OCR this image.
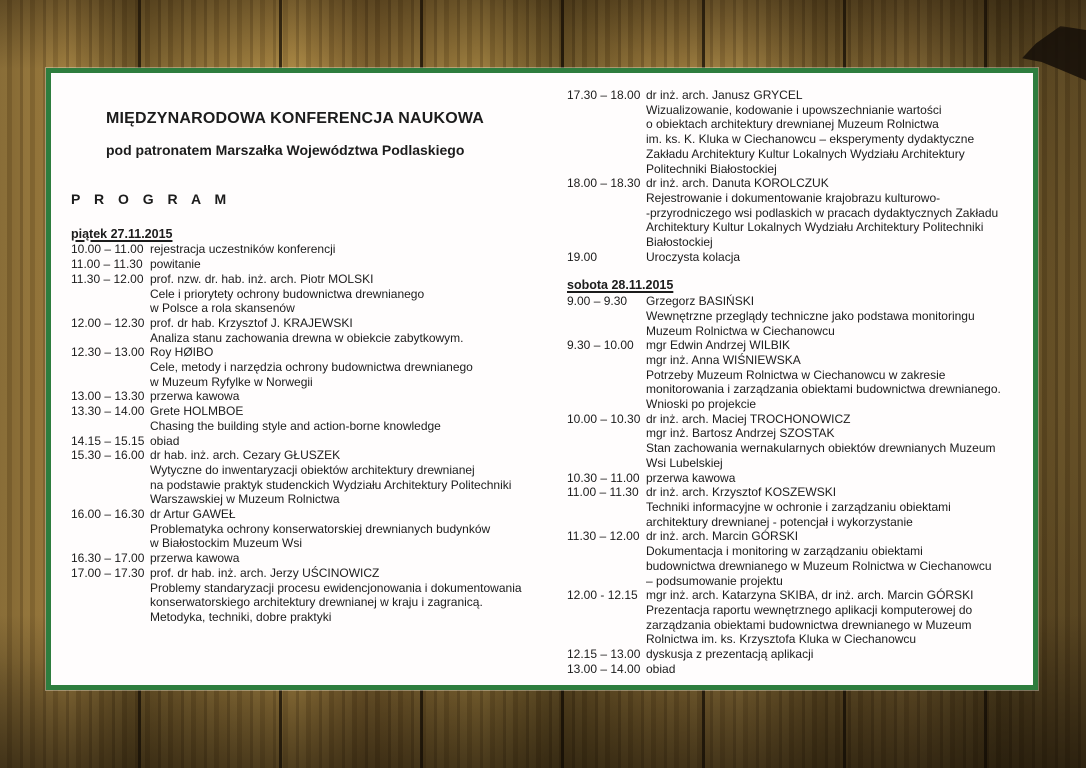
MIĘDZYNARODOWA KONFERENCJA NAUKOWA
pod patronatem Marszałka Województwa Podlaskiego
P R O G R A M
piątek 27.11.2015
10.00 – 11.00 rejestracja uczestników konferencji
11.00 – 11.30 powitanie
11.30 – 12.00 prof. nzw. dr. hab. inż. arch. Piotr MOLSKI
Cele i priorytety ochrony budownictwa drewnianego
w Polsce a rola skansenów
12.00 – 12.30 prof. dr hab. Krzysztof J. KRAJEWSKI
Analiza stanu zachowania drewna w obiekcie zabytkowym.
12.30 – 13.00 Roy HØIBO
Cele, metody i narzędzia ochrony budownictwa drewnianego
w Muzeum Ryfylke w Norwegii
13.00 – 13.30 przerwa kawowa
13.30 – 14.00 Grete HOLMBOE
Chasing the building style and action-borne knowledge
14.15 – 15.15 obiad
15.30 – 16.00 dr hab. inż. arch. Cezary GŁUSZEK
Wytyczne do inwentaryzacji obiektów architektury drewnianej
na podstawie praktyk studenckich Wydziału Architektury Politechniki
Warszawskiej w Muzeum Rolnictwa
16.00 – 16.30 dr Artur GAWEŁ
Problematyka ochrony konserwatorskiej drewnianych budynków
w Białostockim Muzeum Wsi
16.30 – 17.00 przerwa kawowa
17.00 – 17.30 prof. dr hab. inż. arch. Jerzy UŚCINOWICZ
Problemy standaryzacji procesu ewidencjonowania i dokumentowania
konserwatorskiego architektury drewnianej w kraju i zagranicą.
Metodyka, techniki, dobre praktyki
17.30 – 18.00 dr inż. arch. Janusz GRYCEL
Wizualizowanie, kodowanie i upowszechnianie wartości
o obiektach architektury drewnianej Muzeum Rolnictwa
im. ks. K. Kluka w Ciechanowcu – eksperymenty dydaktyczne
Zakładu Architektury Kultur Lokalnych Wydziału Architektury
Politechniki Białostockiej
18.00 – 18.30 dr inż. arch. Danuta KOROLCZUK
Rejestrowanie i dokumentowanie krajobrazu kulturowo-
-przyrodniczego wsi podlaskich w pracach dydaktycznych Zakładu
Architektury Kultur Lokalnych Wydziału Architektury Politechniki
Białostockiej
19.00	Uroczysta kolacja
sobota 28.11.2015
9.00 – 9.30	Grzegorz BASIŃSKI
Wewnętrzne przeglądy techniczne jako podstawa monitoringu
Muzeum Rolnictwa w Ciechanowcu
9.30 – 10.00	mgr Edwin Andrzej WILBIK
mgr inż. Anna WIŚNIEWSKA
Potrzeby Muzeum Rolnictwa w Ciechanowcu w zakresie
monitorowania i zarządzania obiektami budownictwa drewnianego.
Wnioski po projekcie
10.00 – 10.30 dr inż. arch. Maciej TROCHONOWICZ
mgr inż. Bartosz Andrzej SZOSTAK
Stan zachowania wernakularnych obiektów drewnianych Muzeum
Wsi Lubelskiej
10.30 – 11.00 przerwa kawowa
11.00 – 11.30 dr inż. arch. Krzysztof KOSZEWSKI
Techniki informacyjne w ochronie i zarządzaniu obiektami
architektury drewnianej - potencjał i wykorzystanie
11.30 – 12.00 dr inż. arch. Marcin GÓRSKI
Dokumentacja i monitoring w zarządzaniu obiektami
budownictwa drewnianego w Muzeum Rolnictwa w Ciechanowcu
– podsumowanie projektu
12.00 - 12.15 mgr inż. arch. Katarzyna SKIBA, dr inż. arch. Marcin GÓRSKI
Prezentacja raportu wewnętrznego aplikacji komputerowej do
zarządzania obiektami budownictwa drewnianego w Muzeum
Rolnictwa im. ks. Krzysztofa Kluka w Ciechanowcu
12.15 – 13.00 dyskusja z prezentacją aplikacji
13.00 – 14.00 obiad
